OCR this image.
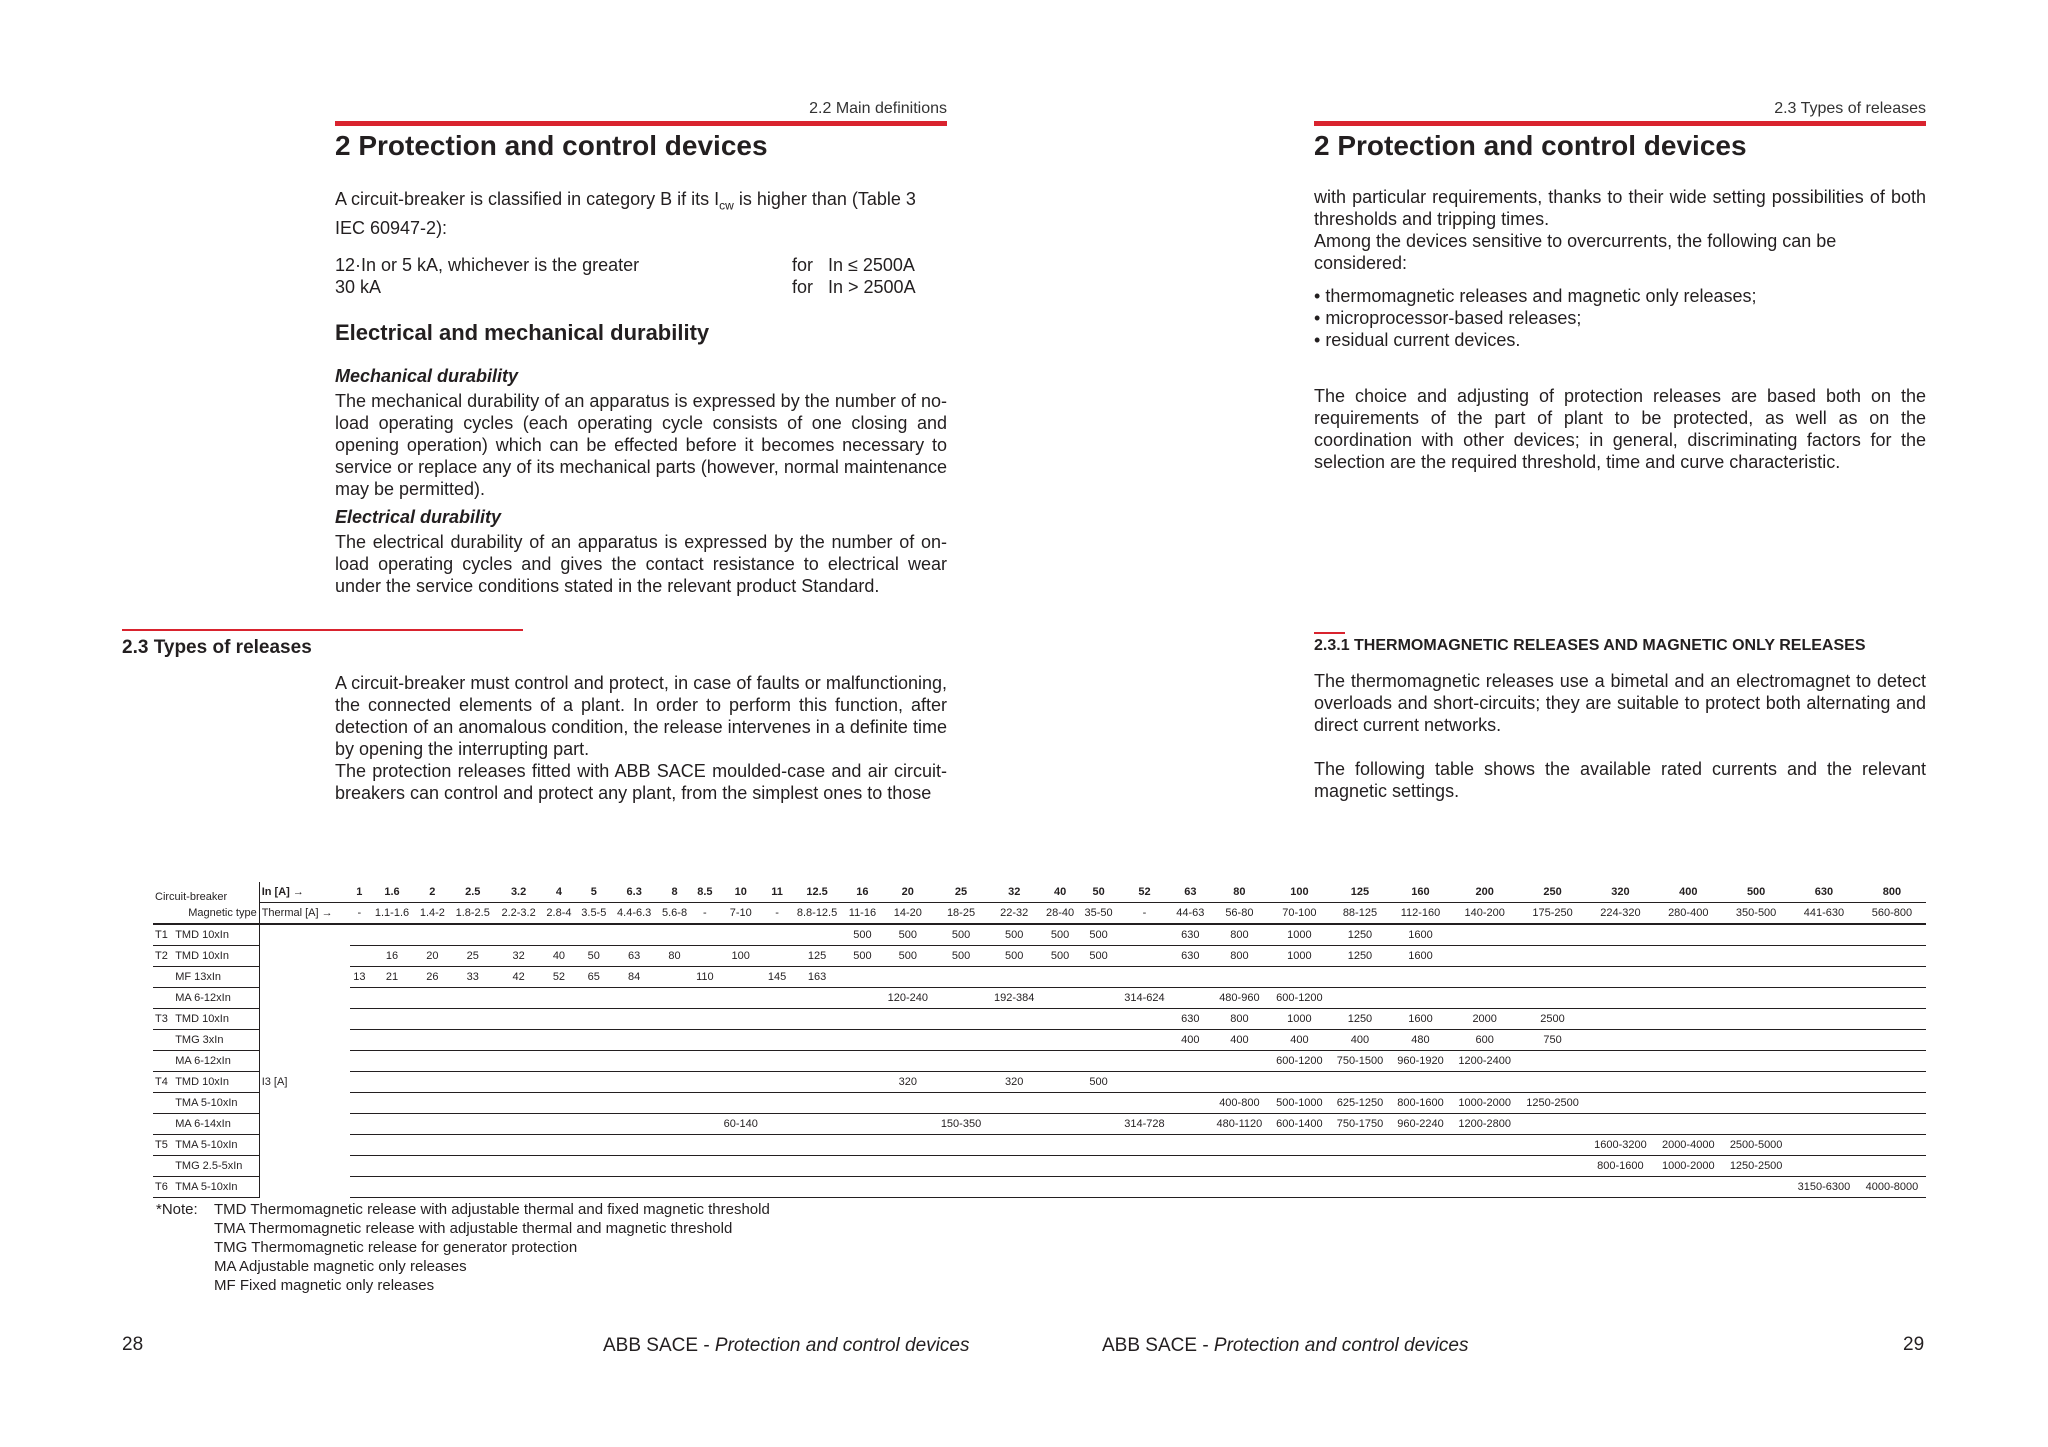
2.2 Main definitions
2 Protection and control devices
A circuit-breaker is classified in category B if its $I_{cw}$ is higher than (Table 3 IEC 60947-2):
12·In or 5 kA, whichever is the greater	for In ≤ 2500A
30 kA	for In > 2500A
Electrical and mechanical durability
Mechanical durability
The mechanical durability of an apparatus is expressed by the number of no-load operating cycles (each operating cycle consists of one closing and opening operation) which can be effected before it becomes necessary to service or replace any of its mechanical parts (however, normal maintenance may be permitted).
Electrical durability
The electrical durability of an apparatus is expressed by the number of on-load operating cycles and gives the contact resistance to electrical wear under the service conditions stated in the relevant product Standard.
2.3 Types of releases
A circuit-breaker must control and protect, in case of faults or malfunctioning, the connected elements of a plant. In order to perform this function, after detection of an anomalous condition, the release intervenes in a definite time by opening the interrupting part.
The protection releases fitted with ABB SACE moulded-case and air circuit-breakers can control and protect any plant, from the simplest ones to those
2.3 Types of releases
2 Protection and control devices
with particular requirements, thanks to their wide setting possibilities of both thresholds and tripping times.
Among the devices sensitive to overcurrents, the following can be considered:
• thermomagnetic releases and magnetic only releases;
• microprocessor-based releases;
• residual current devices.
The choice and adjusting of protection releases are based both on the requirements of the part of plant to be protected, as well as on the coordination with other devices; in general, discriminating factors for the selection are the required threshold, time and curve characteristic.
2.3.1 THERMOMAGNETIC RELEASES AND MAGNETIC ONLY RELEASES
The thermomagnetic releases use a bimetal and an electromagnet to detect overloads and short-circuits; they are suitable to protect both alternating and direct current networks.
The following table shows the available rated currents and the relevant magnetic settings.
Circuit-breaker		In [A] →	1	1.6	2	2.5	3.2	4	5	6.3	8	8.5	10	11	12.5	16	20	25	32	40	50	52	63	80	100	125	160	200	250	320	400	500	630	800
Magnetic type		Thermal [A] →	-	1.1-1.6	1.4-2	1.8-2.5	2.2-3.2	2.8-4	3.5-5	4.4-6.3	5.6-8	-	7-10	-	8.8-12.5	11-16	14-20	18-25	22-32	28-40	35-50	-	44-63	56-80	70-100	88-125	112-160	140-200	175-250	224-320	280-400	350-500	441-630	560-800
T1	TMD 10xIn															500	500	500	500	500	500		630	800	1000	1250	1600							
T2	TMD 10xIn			16	20	25	32	40	50	63	80		100		125	500	500	500	500	500	500		630	800	1000	1250	1600							
	MF 13xIn		13	21	26	33	42	52	65	84		110		145	163																			
	MA 6-12xIn																120-240		192-384			314-624		480-960	600-1200									
T3	TMD 10xIn																						630	800	1000	1250	1600	2000	2500					
	TMG 3xIn																						400	400	400	400	480	600	750					
	MA 6-12xIn																								600-1200	750-1500	960-1920	1200-2400						
T4	TMD 10xIn	I3 [A]															320		320		500													
	TMA 5-10xIn																							400-800	500-1000	625-1250	800-1600	1000-2000	1250-2500					
	MA 6-14xIn												60-140					150-350				314-728		480-1120	600-1400	750-1750	960-2240	1200-2800						
T5	TMA 5-10xIn																													1600-3200	2000-4000	2500-5000		
	TMG 2.5-5xIn																													800-1600	1000-2000	1250-2500		
T6	TMA 5-10xIn																																3150-6300	4000-8000
*Note: TMD Thermomagnetic release with adjustable thermal and fixed magnetic threshold
TMA Thermomagnetic release with adjustable thermal and magnetic threshold
TMG Thermomagnetic release for generator protection
MA Adjustable magnetic only releases
MF Fixed magnetic only releases
28	ABB SACE - Protection and control devices	ABB SACE - Protection and control devices	29
